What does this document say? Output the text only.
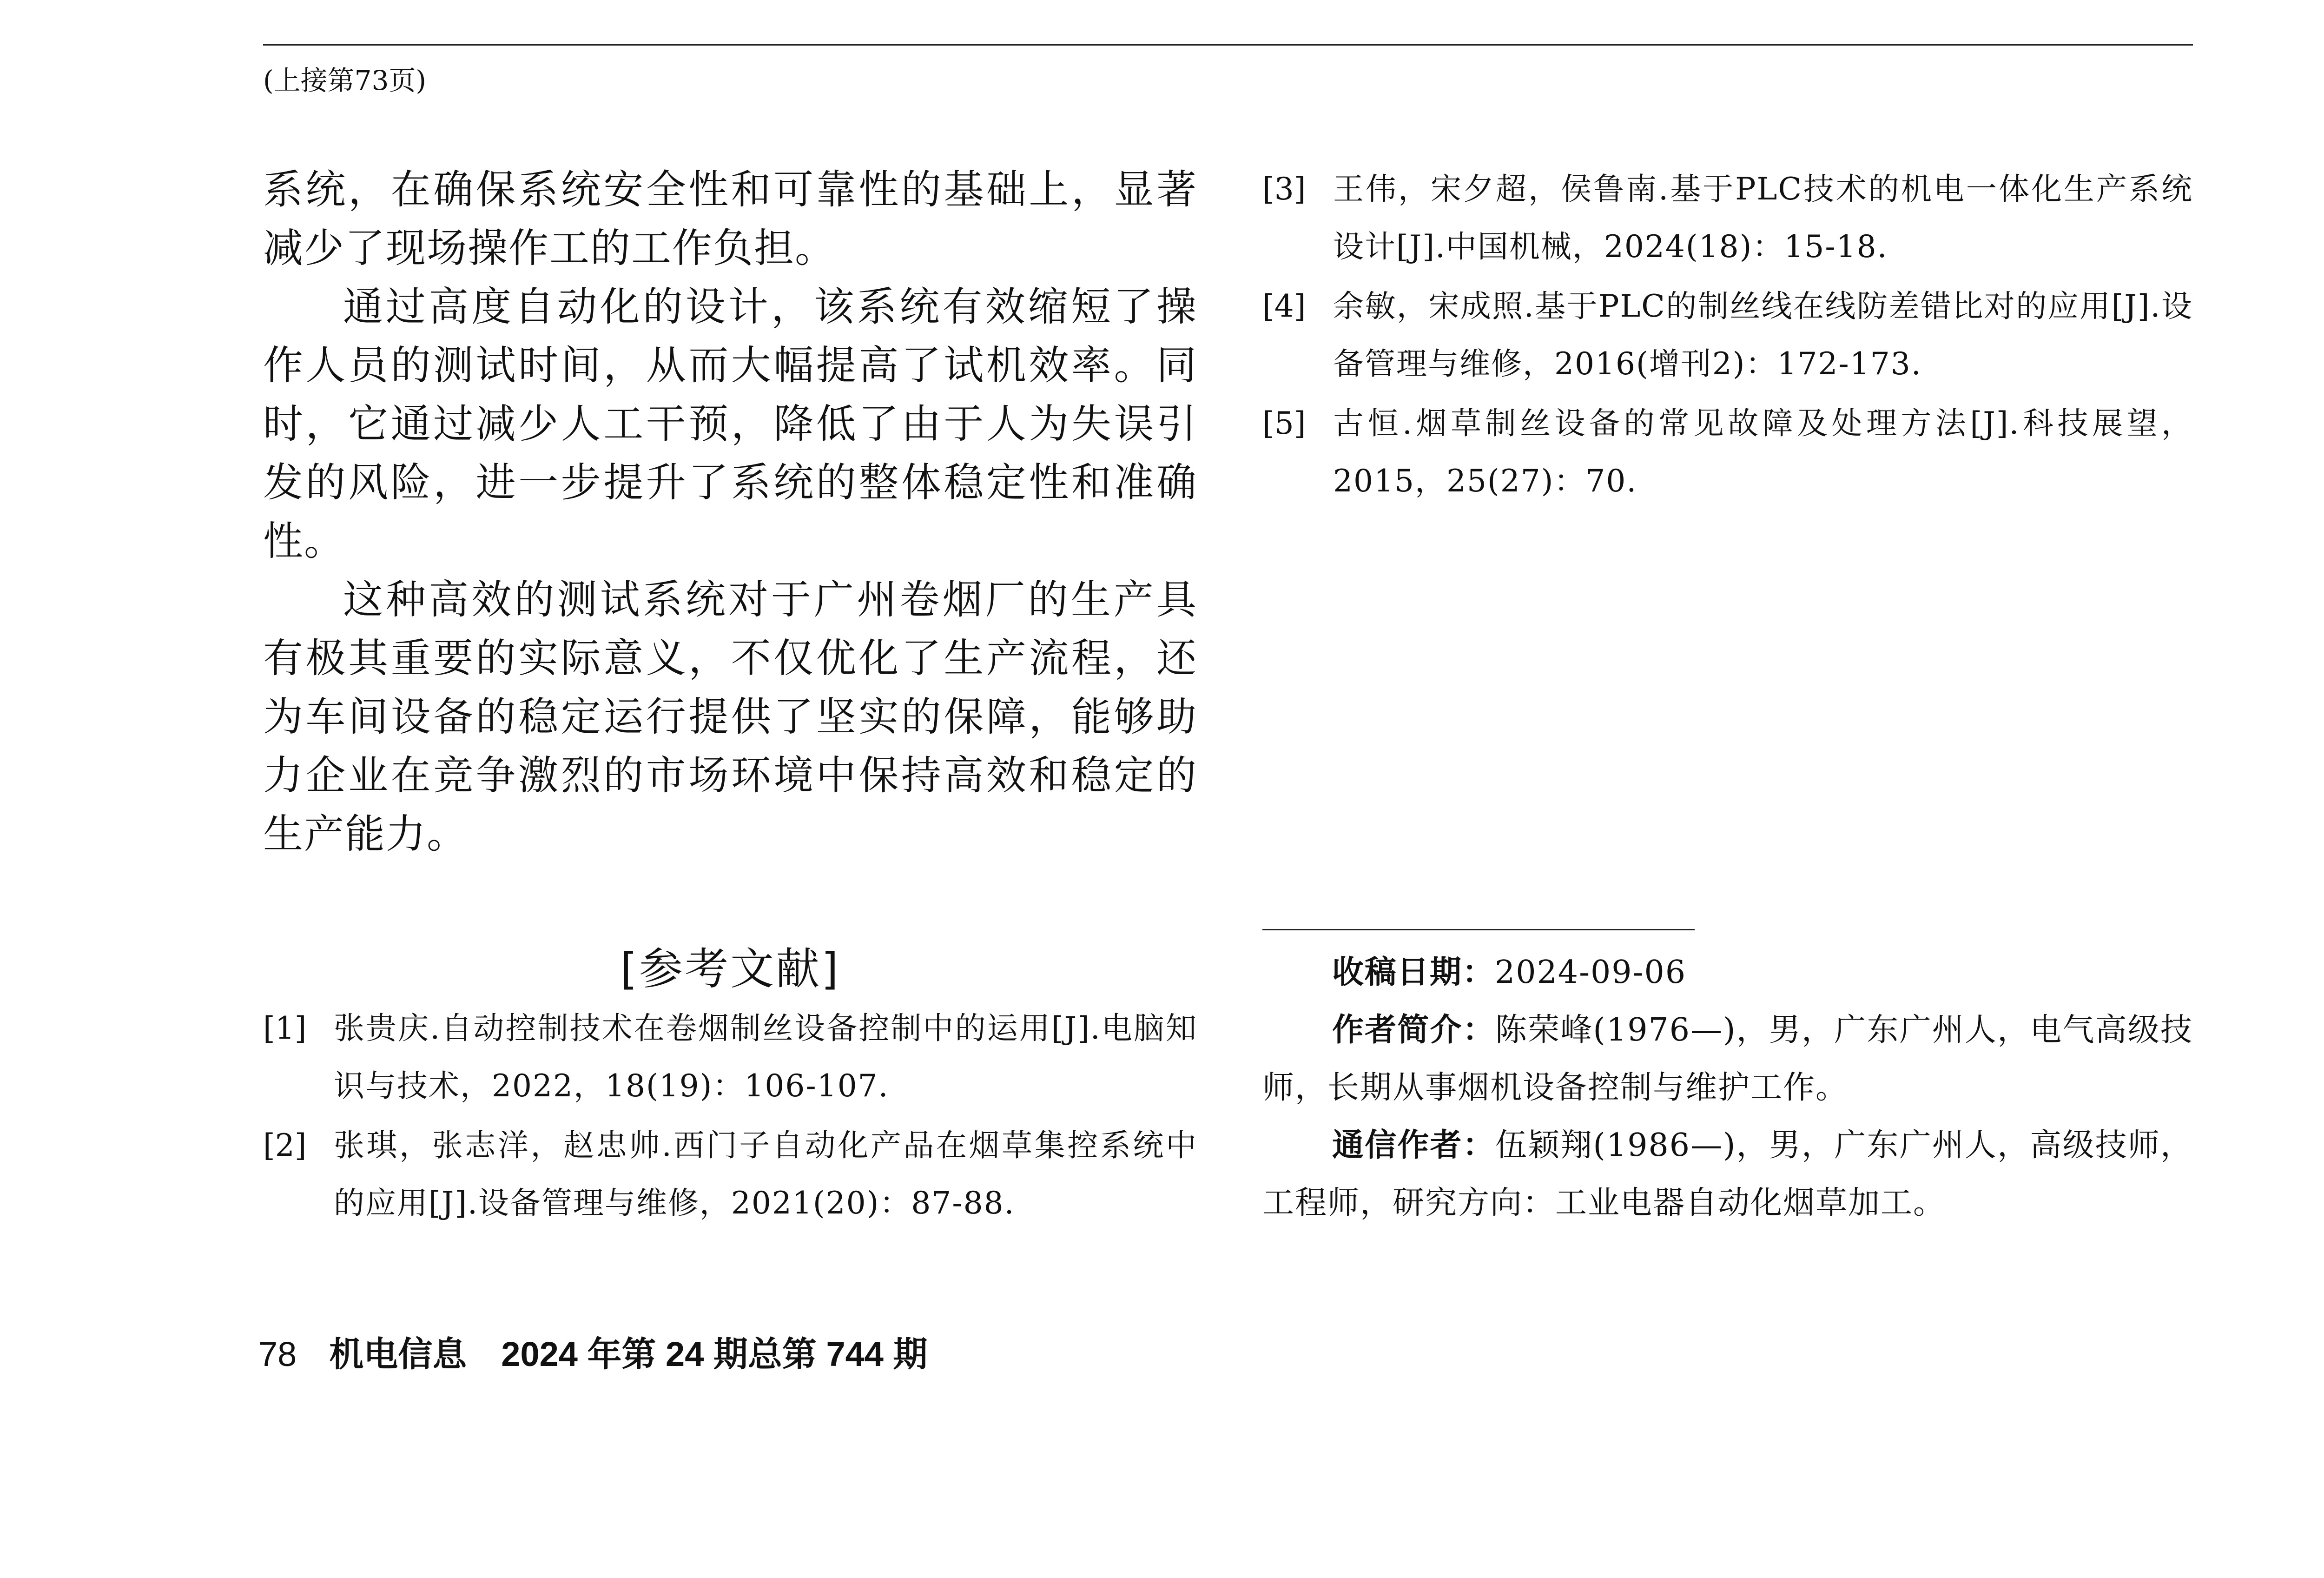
(上接第73页)

系统，在确保系统安全性和可靠性的基础上，显著减少了现场操作工的工作负担。

通过高度自动化的设计，该系统有效缩短了操作人员的测试时间，从而大幅提高了试机效率。同时，它通过减少人工干预，降低了由于人为失误引发的风险，进一步提升了系统的整体稳定性和准确性。

这种高效的测试系统对于广州卷烟厂的生产具有极其重要的实际意义，不仅优化了生产流程，还为车间设备的稳定运行提供了坚实的保障，能够助力企业在竞争激烈的市场环境中保持高效和稳定的生产能力。

[参考文献]
[1] 张贵庆.自动控制技术在卷烟制丝设备控制中的运用[J].电脑知识与技术，2022，18(19)：106-107.
[2] 张琪，张志洋，赵忠帅.西门子自动化产品在烟草集控系统中的应用[J].设备管理与维修，2021(20)：87-88.
[3] 王伟，宋夕超，侯鲁南.基于PLC技术的机电一体化生产系统设计[J].中国机械，2024(18)：15-18.
[4] 余敏，宋成照.基于PLC的制丝线在线防差错比对的应用[J].设备管理与维修，2016(增刊2)：172-173.
[5] 古恒.烟草制丝设备的常见故障及处理方法[J].科技展望，2015，25(27)：70.

收稿日期：2024-09-06

作者简介：陈荣峰(1976—)，男，广东广州人，电气高级技师，长期从事烟机设备控制与维护工作。

通信作者：伍颖翔(1986—)，男，广东广州人，高级技师，工程师，研究方向：工业电器自动化烟草加工。

78 机电信息　2024 年第 24 期总第 744 期
